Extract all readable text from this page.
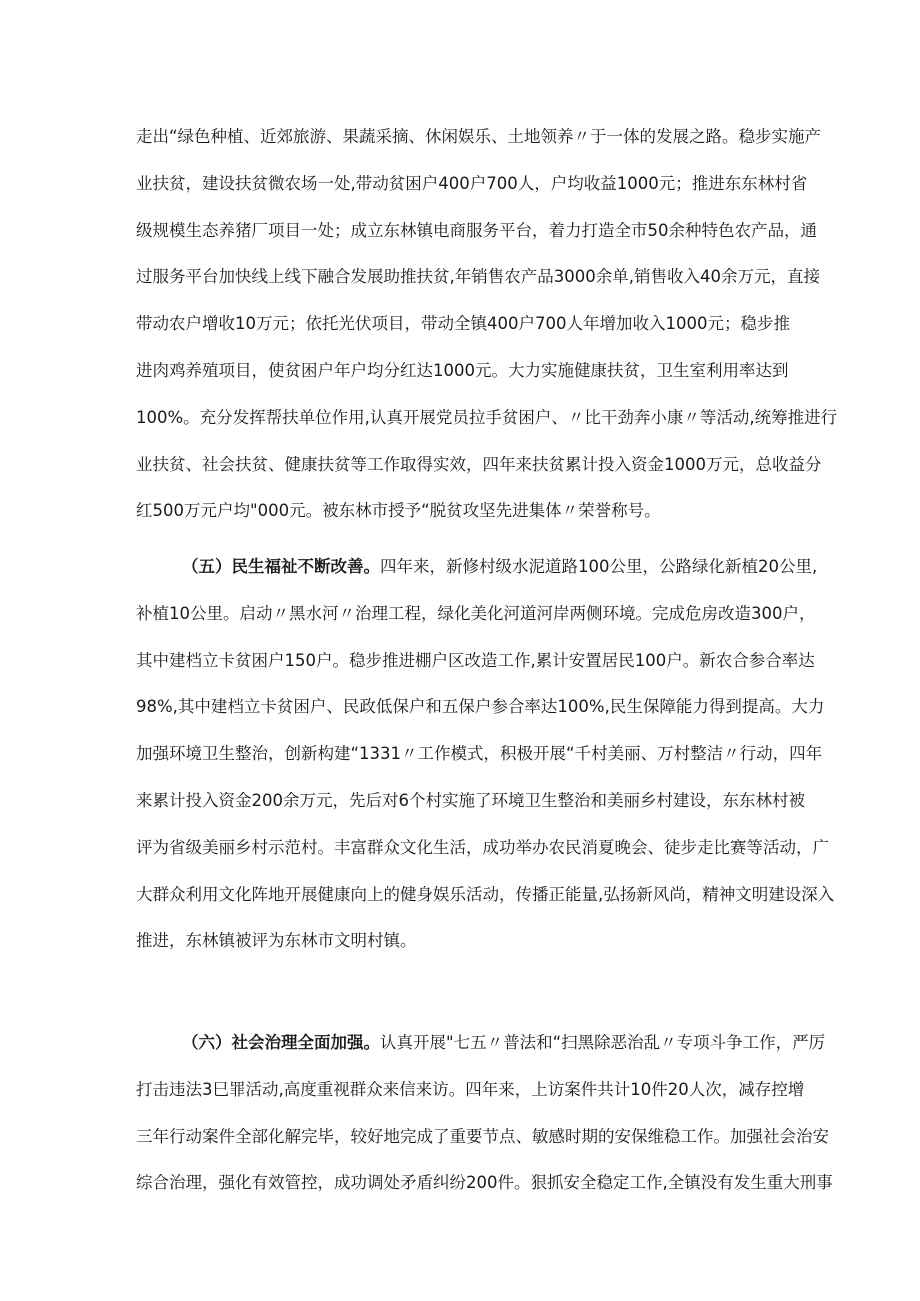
走出“绿色种植、近郊旅游、果蔬采摘、休闲娱乐、土地领养〃于一体的发展之路。稳步实施产
业扶贫，建设扶贫微农场一处,带动贫困户400户700人，户均收益1000元；推进东东林村省
级规模生态养猪厂项目一处；成立东林镇电商服务平台，着力打造全市50余种特色农产品，通
过服务平台加快线上线下融合发展助推扶贫,年销售农产品3000余单,销售收入40余万元，直接
带动农户增收10万元；依托光伏项目，带动全镇400户700人年增加收入1000元；稳步推
进肉鸡养殖项目，使贫困户年户均分红达1000元。大力实施健康扶贫，卫生室利用率达到
100%。充分发挥帮扶单位作用,认真开展党员拉手贫困户、〃比干劲奔小康〃等活动,统筹推进行
业扶贫、社会扶贫、健康扶贫等工作取得实效，四年来扶贫累计投入资金1000万元，总收益分
红500万元户均"000元。被东林市授予“脱贫攻坚先进集体〃荣誉称号。
（五）民生福祉不断改善。四年来，新修村级水泥道路100公里，公路绿化新植20公里,
补植10公里。启动〃黑水河〃治理工程，绿化美化河道河岸两侧环境。完成危房改造300户，
其中建档立卡贫困户150户。稳步推进棚户区改造工作,累计安置居民100户。新农合参合率达
98%,其中建档立卡贫困户、民政低保户和五保户参合率达100%,民生保障能力得到提高。大力
加强环境卫生整治，创新构建“1331〃工作模式，积极开展“千村美丽、万村整洁〃行动，四年
来累计投入资金200余万元，先后对6个村实施了环境卫生整治和美丽乡村建设，东东林村被
评为省级美丽乡村示范村。丰富群众文化生活，成功举办农民消夏晚会、徒步走比赛等活动，广
大群众利用文化阵地开展健康向上的健身娱乐活动，传播正能量,弘扬新风尚，精神文明建设深入
推进，东林镇被评为东林市文明村镇。
（六）社会治理全面加强。认真开展"七五〃普法和“扫黑除恶治乱〃专项斗争工作，严厉
打击违法3巳罪活动,高度重视群众来信来访。四年来，上访案件共计10件20人次，减存控增
三年行动案件全部化解完毕，较好地完成了重要节点、敏感时期的安保维稳工作。加强社会治安
综合治理，强化有效管控，成功调处矛盾纠纷200件。狠抓安全稳定工作,全镇没有发生重大刑事
